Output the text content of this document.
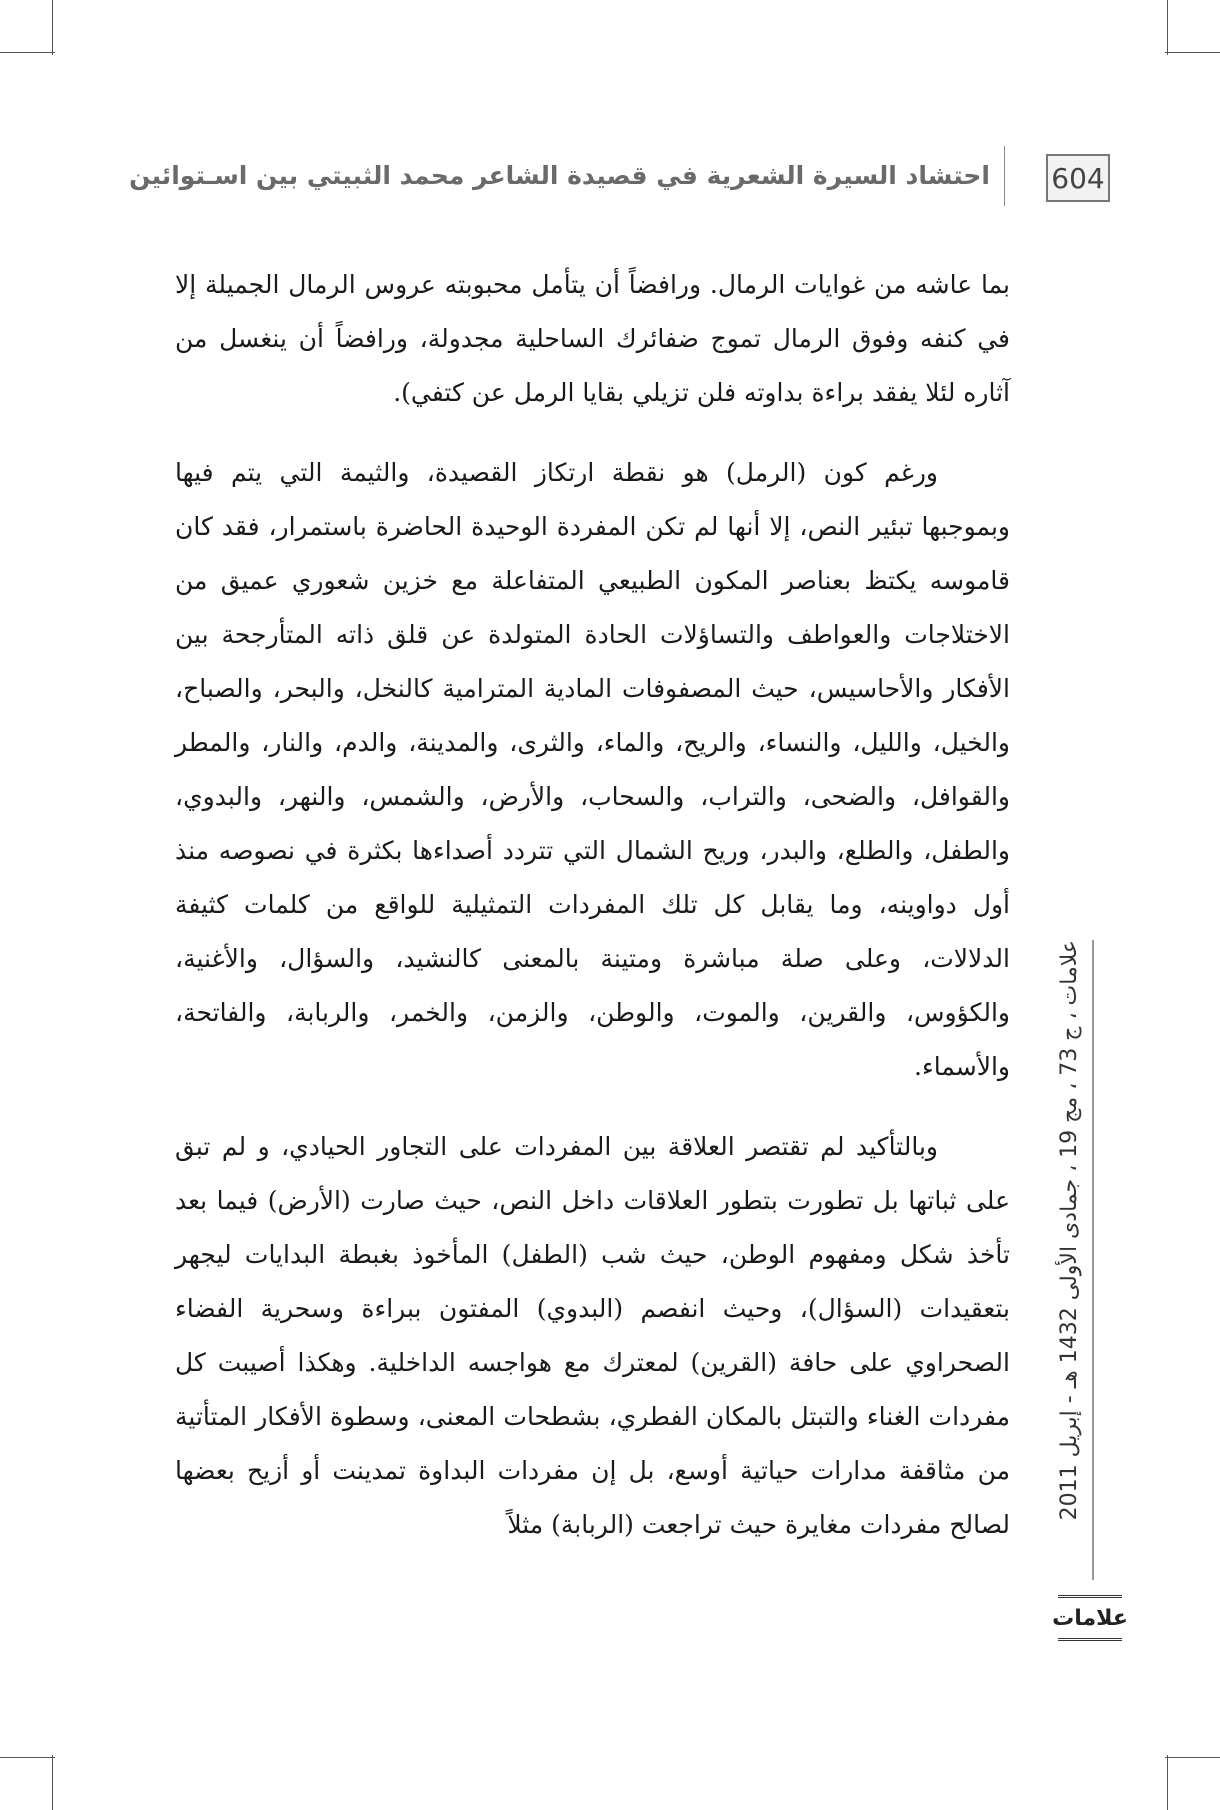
604
احتشاد السيرة الشعرية في قصيدة الشاعر محمد الثبيتي بين اسـتوائين

بما عاشه من غوايات الرمال. ورافضاً أن يتأمل محبوبته عروس الرمال الجميلة إلا في كنفه وفوق الرمال تموج ضفائرك الساحلية مجدولة، ورافضاً أن ينغسل من آثاره لئلا يفقد براءة بداوته فلن تزيلي بقايا الرمل عن كتفي).

ورغم كون (الرمل) هو نقطة ارتكاز القصيدة، والثيمة التي يتم فيها وبموجبها تبئير النص، إلا أنها لم تكن المفردة الوحيدة الحاضرة باستمرار، فقد كان قاموسه يكتظ بعناصر المكون الطبيعي المتفاعلة مع خزين شعوري عميق من الاختلاجات والعواطف والتساؤلات الحادة المتولدة عن قلق ذاته المتأرجحة بين الأفكار والأحاسيس، حيث المصفوفات المادية المترامية كالنخل، والبحر، والصباح، والخيل، والليل، والنساء، والريح، والماء، والثرى، والمدينة، والدم، والنار، والمطر والقوافل، والضحى، والتراب، والسحاب، والأرض، والشمس، والنهر، والبدوي، والطفل، والطلع، والبدر، وريح الشمال التي تتردد أصداءها بكثرة في نصوصه منذ أول دواوينه، وما يقابل كل تلك المفردات التمثيلية للواقع من كلمات كثيفة الدلالات، وعلى صلة مباشرة ومتينة بالمعنى كالنشيد، والسؤال، والأغنية، والكؤوس، والقرين، والموت، والوطن، والزمن، والخمر، والربابة، والفاتحة، والأسماء.

وبالتأكيد لم تقتصر العلاقة بين المفردات على التجاور الحيادي، و لم تبق على ثباتها بل تطورت بتطور العلاقات داخل النص، حيث صارت (الأرض) فيما بعد تأخذ شكل ومفهوم الوطن، حيث شب (الطفل) المأخوذ بغبطة البدايات ليجهر بتعقيدات (السؤال)، وحيث انفصم (البدوي) المفتون ببراءة وسحرية الفضاء الصحراوي على حافة (القرين) لمعترك مع هواجسه الداخلية. وهكذا أصيبت كل مفردات الغناء والتبتل بالمكان الفطري، بشطحات المعنى، وسطوة الأفكار المتأتية من مثاقفة مدارات حياتية أوسع، بل إن مفردات البداوة تمدينت أو أزيح بعضها لصالح مفردات مغايرة حيث تراجعت (الربابة) مثلاً

علامات ، ج 73 ، مج 19 ، جمادى الأولى 1432 هـ - إبريل 2011
علامات
